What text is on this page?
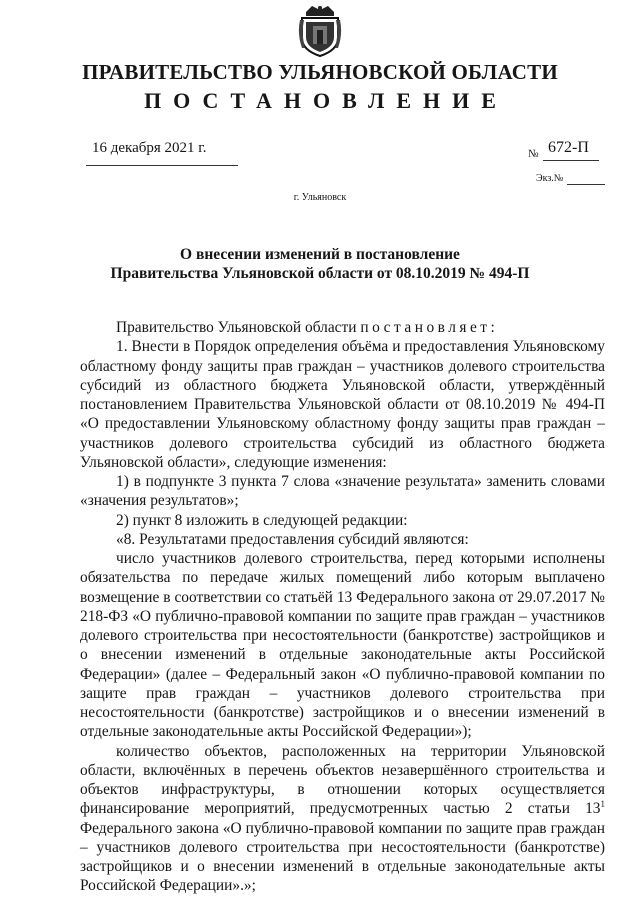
ПРАВИТЕЛЬСТВО УЛЬЯНОВСКОЙ ОБЛАСТИ
ПОСТАНОВЛЕНИЕ
16 декабря 2021 г.	№ 672-П
Экз.№
г. Ульяновск
О внесении изменений в постановление
Правительства Ульяновской области от 08.10.2019 № 494-П

Правительство Ульяновской области постановляет:

1. Внести в Порядок определения объёма и предоставления Ульяновскому областному фонду защиты прав граждан – участников долевого строительства субсидий из областного бюджета Ульяновской области, утверждённый постановлением Правительства Ульяновской области от 08.10.2019 № 494-П «О предоставлении Ульяновскому областному фонду защиты прав граждан – участников долевого строительства субсидий из областного бюджета Ульяновской области», следующие изменения:

1) в подпункте 3 пункта 7 слова «значение результата» заменить словами «значения результатов»;

2) пункт 8 изложить в следующей редакции:

«8. Результатами предоставления субсидий являются:

число участников долевого строительства, перед которыми исполнены обязательства по передаче жилых помещений либо которым выплачено возмещение в соответствии со статьёй 13 Федерального закона от 29.07.2017 № 218-ФЗ «О публично-правовой компании по защите прав граждан – участников долевого строительства при несостоятельности (банкротстве) застройщиков и о внесении изменений в отдельные законодательные акты Российской Федерации» (далее – Федеральный закон «О публично-правовой компании по защите прав граждан – участников долевого строительства при несостоятельности (банкротстве) застройщиков и о внесении изменений в отдельные законодательные акты Российской Федерации»);

количество объектов, расположенных на территории Ульяновской области, включённых в перечень объектов незавершённого строительства и объектов инфраструктуры, в отношении которых осуществляется финансирование мероприятий, предусмотренных частью 2 статьи $13^1$ Федерального закона «О публично-правовой компании по защите прав граждан – участников долевого строительства при несостоятельности (банкротстве) застройщиков и о внесении изменений в отдельные законодательные акты Российской Федерации».»;
